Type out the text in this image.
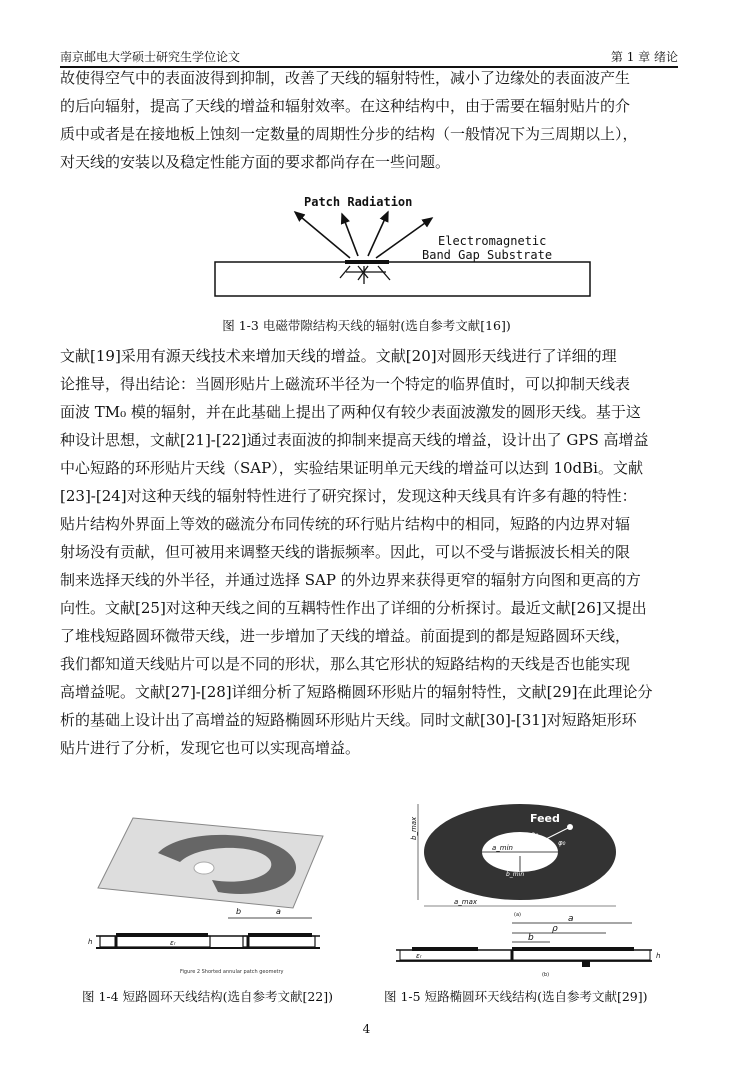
南京邮电大学硕士研究生学位论文	第 1 章 绪论

故使得空气中的表面波得到抑制，改善了天线的辐射特性，减小了边缘处的表面波产生

的后向辐射，提高了天线的增益和辐射效率。在这种结构中，由于需要在辐射贴片的介

质中或者是在接地板上蚀刻一定数量的周期性分步的结构（一般情况下为三周期以上），

对天线的安装以及稳定性能方面的要求都尚存在一些问题。

Patch Radiation
Electromagnetic
Band Gap Substrate
图 1-3 电磁带隙结构天线的辐射(选自参考文献[16])

文献[19]采用有源天线技术来增加天线的增益。文献[20]对圆形天线进行了详细的理

论推导，得出结论：当圆形贴片上磁流环半径为一个特定的临界值时，可以抑制天线表

面波 TM₀ 模的辐射，并在此基础上提出了两种仅有较少表面波激发的圆形天线。基于这

种设计思想，文献[21]-[22]通过表面波的抑制来提高天线的增益，设计出了 GPS 高增益

中心短路的环形贴片天线（SAP），实验结果证明单元天线的增益可以达到 10dBi。文献

[23]-[24]对这种天线的辐射特性进行了研究探讨，发现这种天线具有许多有趣的特性：

贴片结构外界面上等效的磁流分布同传统的环行贴片结构中的相同，短路的内边界对辐

射场没有贡献，但可被用来调整天线的谐振频率。因此，可以不受与谐振波长相关的限

制来选择天线的外半径，并通过选择 SAP 的外边界来获得更窄的辐射方向图和更高的方

向性。文献[25]对这种天线之间的互耦特性作出了详细的分析探讨。最近文献[26]又提出

了堆栈短路圆环微带天线，进一步增加了天线的增益。前面提到的都是短路圆环天线，

我们都知道天线贴片可以是不同的形状，那么其它形状的短路结构的天线是否也能实现

高增益呢。文献[27]-[28]详细分析了短路椭圆环形贴片的辐射特性，文献[29]在此理论分

析的基础上设计出了高增益的短路椭圆环形贴片天线。同时文献[30]-[31]对短路矩形环

贴片进行了分析，发现它也可以实现高增益。

b	a
h	εᵣ
Figure 2 Shorted annular patch geometry
Feed
ρ₀
φ₀
a_min
b_min
b_max
a_max
(a)	a
ρ
b
εᵣ	h
(b)
图 1-4 短路圆环天线结构(选自参考文献[22])	图 1-5 短路椭圆环天线结构(选自参考文献[29])
4
